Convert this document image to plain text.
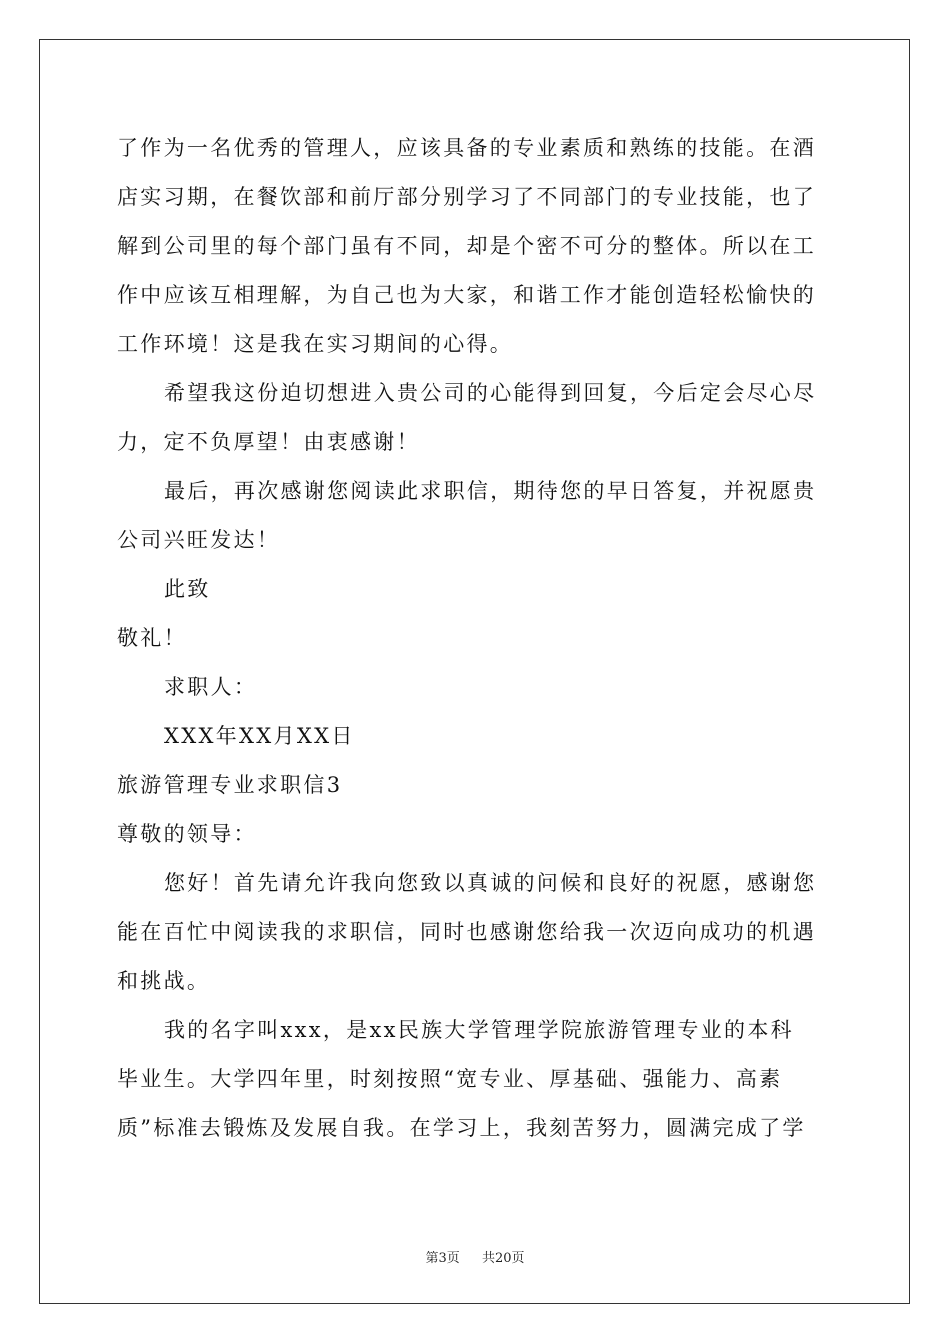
了作为一名优秀的管理人，应该具备的专业素质和熟练的技能。在酒
店实习期，在餐饮部和前厅部分别学习了不同部门的专业技能，也了
解到公司里的每个部门虽有不同，却是个密不可分的整体。所以在工
作中应该互相理解，为自己也为大家，和谐工作才能创造轻松愉快的
工作环境！这是我在实习期间的心得。
希望我这份迫切想进入贵公司的心能得到回复，今后定会尽心尽
力，定不负厚望！由衷感谢！
最后，再次感谢您阅读此求职信，期待您的早日答复，并祝愿贵
公司兴旺发达！
此致
敬礼！
求职人：
XXX年XX月XX日
旅游管理专业求职信3
尊敬的领导：
您好！首先请允许我向您致以真诚的问候和良好的祝愿，感谢您
能在百忙中阅读我的求职信，同时也感谢您给我一次迈向成功的机遇
和挑战。
我的名字叫xxx，是xx民族大学管理学院旅游管理专业的本科
毕业生。大学四年里，时刻按照“宽专业、厚基础、强能力、高素
质”标准去锻炼及发展自我。在学习上，我刻苦努力，圆满完成了学
第3页 共20页
